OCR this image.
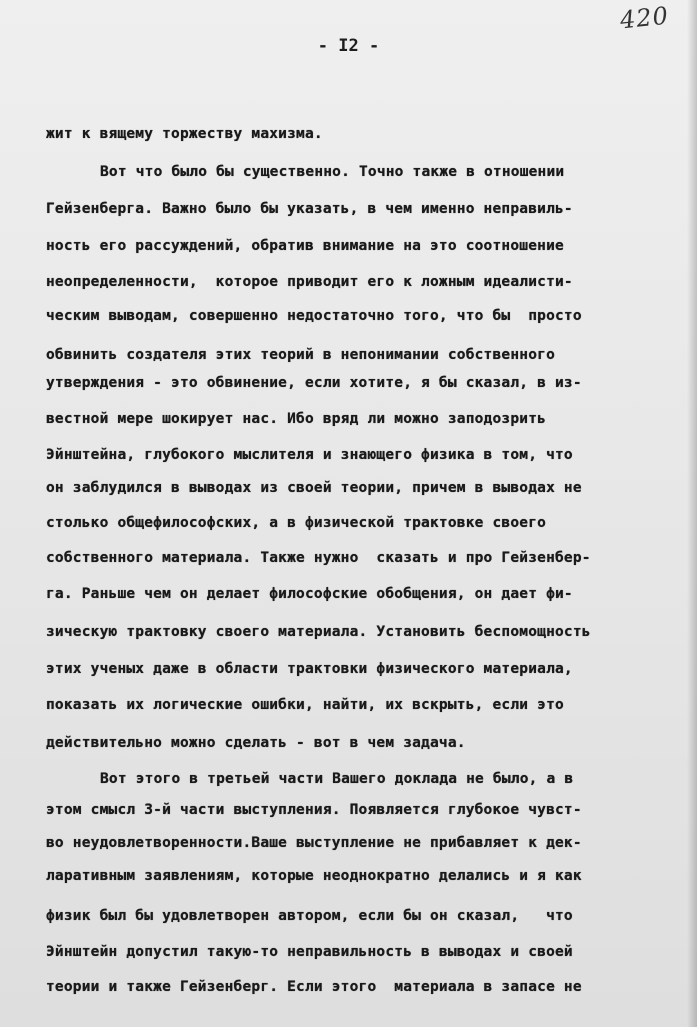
420
- I2 -
жит к вящему торжеству махизма.
Вот что было бы существенно. Точно также в отношении
Гейзенберга. Важно было бы указать, в чем именно неправиль-
ность его рассуждений, обратив внимание на это соотношение
неопределенности,  которое приводит его к ложным идеалисти-
ческим выводам, совершенно недостаточно того, что бы  просто
обвинить создателя этих теорий в непонимании собственного
утверждения - это обвинение, если хотите, я бы сказал, в из-
вестной мере шокирует нас. Ибо вряд ли можно заподозрить
Эйнштейна, глубокого мыслителя и знающего физика в том, что
он заблудился в выводах из своей теории, причем в выводах не
столько общефилософских, а в физической трактовке своего
собственного материала. Также нужно  сказать и про Гейзенбер-
га. Раньше чем он делает философские обобщения, он дает фи-
зическую трактовку своего материала. Установить беспомощность
этих ученых даже в области трактовки физического материала,
показать их логические ошибки, найти, их вскрыть, если это
действительно можно сделать - вот в чем задача.
Вот этого в третьей части Вашего доклада не было, а в
этом смысл 3-й части выступления. Появляется глубокое чувст-
во неудовлетворенности.Ваше выступление не прибавляет к дек-
ларативным заявлениям, которые неоднократно делались и я как
физик был бы удовлетворен автором, если бы он сказал,   что
Эйнштейн допустил такую-то неправильность в выводах и своей
теории и также Гейзенберг. Если этого  материала в запасе не
